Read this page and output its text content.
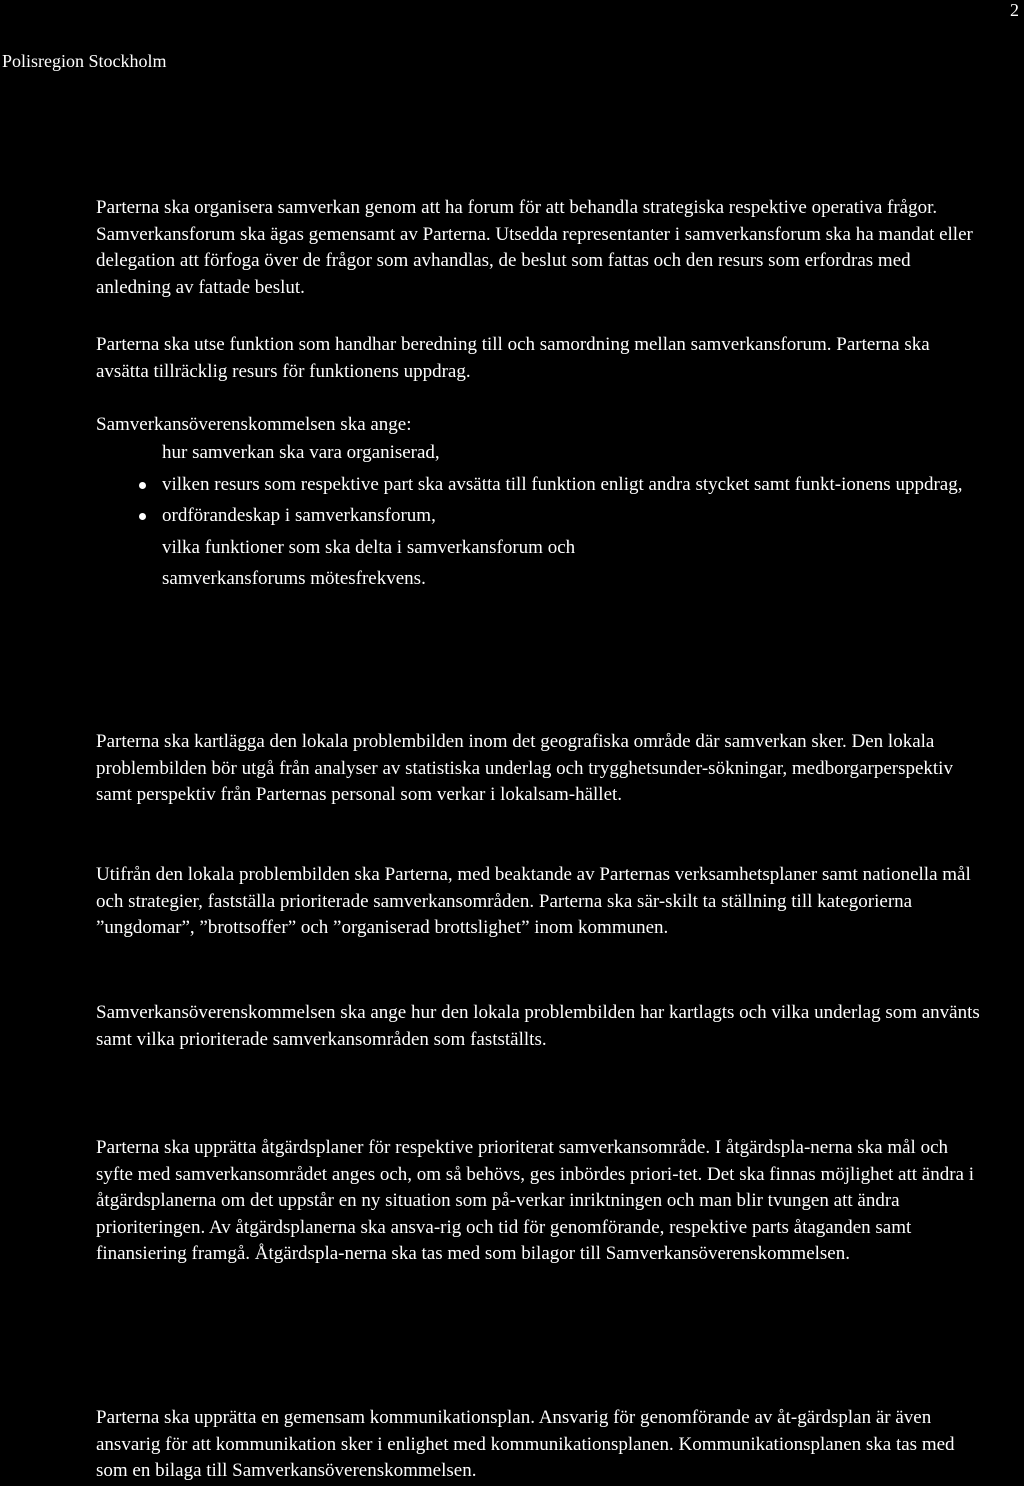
2
Polisregion Stockholm

Parterna ska organisera samverkan genom att ha forum för att behandla strategiska respektive operativa frågor. Samverkansforum ska ägas gemensamt av Parterna. Utsedda representanter i samverkansforum ska ha mandat eller delegation att förfoga över de frågor som avhandlas, de beslut som fattas och den resurs som erfordras med anledning av fattade beslut.

Parterna ska utse funktion som handhar beredning till och samordning mellan samverkansforum. Parterna ska avsätta tillräcklig resurs för funktionens uppdrag.

Samverkansöverenskommelsen ska ange:

hur samverkan ska vara organiserad,
vilken resurs som respektive part ska avsätta till funktion enligt andra stycket samt funkt-ionens uppdrag,
ordförandeskap i samverkansforum,
vilka funktioner som ska delta i samverkansforum och
samverkansforums mötesfrekvens.

Parterna ska kartlägga den lokala problembilden inom det geografiska område där samverkan sker. Den lokala problembilden bör utgå från analyser av statistiska underlag och trygghetsunder-sökningar, medborgarperspektiv samt perspektiv från Parternas personal som verkar i lokalsam-hället.

Utifrån den lokala problembilden ska Parterna, med beaktande av Parternas verksamhetsplaner samt nationella mål och strategier, fastställa prioriterade samverkansområden. Parterna ska sär-skilt ta ställning till kategorierna ”ungdomar”, ”brottsoffer” och ”organiserad brottslighet” inom kommunen.

Samverkansöverenskommelsen ska ange hur den lokala problembilden har kartlagts och vilka underlag som använts samt vilka prioriterade samverkansområden som fastställts.

Parterna ska upprätta åtgärdsplaner för respektive prioriterat samverkansområde. I åtgärdspla-nerna ska mål och syfte med samverkansområdet anges och, om så behövs, ges inbördes priori-tet. Det ska finnas möjlighet att ändra i åtgärdsplanerna om det uppstår en ny situation som på-verkar inriktningen och man blir tvungen att ändra prioriteringen. Av åtgärdsplanerna ska ansva-rig och tid för genomförande, respektive parts åtaganden samt finansiering framgå. Åtgärdspla-nerna ska tas med som bilagor till Samverkansöverenskommelsen.

Parterna ska upprätta en gemensam kommunikationsplan. Ansvarig för genomförande av åt-gärdsplan är även ansvarig för att kommunikation sker i enlighet med kommunikationsplanen. Kommunikationsplanen ska tas med som en bilaga till Samverkansöverenskommelsen.
